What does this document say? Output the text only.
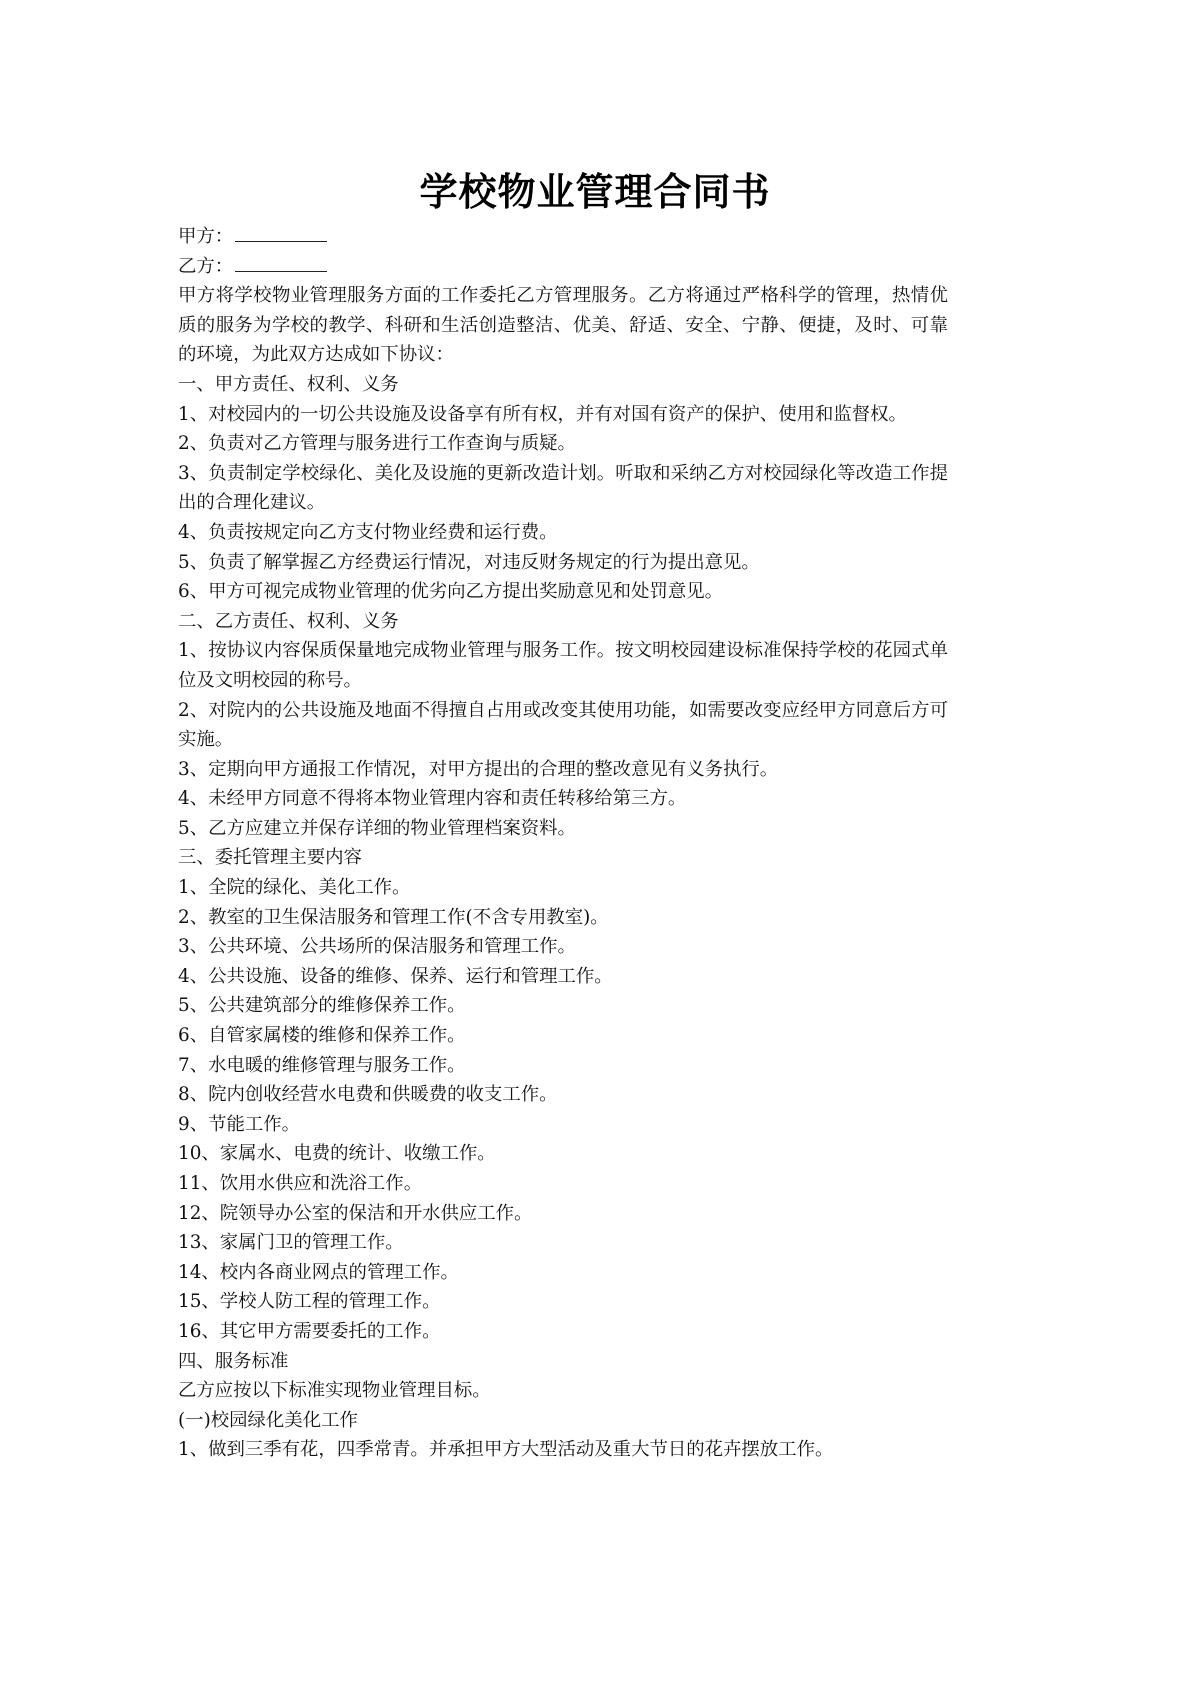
学校物业管理合同书
甲方：
乙方：
甲方将学校物业管理服务方面的工作委托乙方管理服务。乙方将通过严格科学的管理，热情优质的服务为学校的教学、科研和生活创造整洁、优美、舒适、安全、宁静、便捷，及时、可靠的环境，为此双方达成如下协议：
一、甲方责任、权利、义务
1、对校园内的一切公共设施及设备享有所有权，并有对国有资产的保护、使用和监督权。
2、负责对乙方管理与服务进行工作查询与质疑。
3、负责制定学校绿化、美化及设施的更新改造计划。听取和采纳乙方对校园绿化等改造工作提出的合理化建议。
4、负责按规定向乙方支付物业经费和运行费。
5、负责了解掌握乙方经费运行情况，对违反财务规定的行为提出意见。
6、甲方可视完成物业管理的优劣向乙方提出奖励意见和处罚意见。
二、乙方责任、权利、义务
1、按协议内容保质保量地完成物业管理与服务工作。按文明校园建设标准保持学校的花园式单位及文明校园的称号。
2、对院内的公共设施及地面不得擅自占用或改变其使用功能，如需要改变应经甲方同意后方可实施。
3、定期向甲方通报工作情况，对甲方提出的合理的整改意见有义务执行。
4、未经甲方同意不得将本物业管理内容和责任转移给第三方。
5、乙方应建立并保存详细的物业管理档案资料。
三、委托管理主要内容
1、全院的绿化、美化工作。
2、教室的卫生保洁服务和管理工作(不含专用教室)。
3、公共环境、公共场所的保洁服务和管理工作。
4、公共设施、设备的维修、保养、运行和管理工作。
5、公共建筑部分的维修保养工作。
6、自管家属楼的维修和保养工作。
7、水电暖的维修管理与服务工作。
8、院内创收经营水电费和供暖费的收支工作。
9、节能工作。
10、家属水、电费的统计、收缴工作。
11、饮用水供应和洗浴工作。
12、院领导办公室的保洁和开水供应工作。
13、家属门卫的管理工作。
14、校内各商业网点的管理工作。
15、学校人防工程的管理工作。
16、其它甲方需要委托的工作。
四、服务标准
乙方应按以下标准实现物业管理目标。
(一)校园绿化美化工作
1、做到三季有花，四季常青。并承担甲方大型活动及重大节日的花卉摆放工作。
